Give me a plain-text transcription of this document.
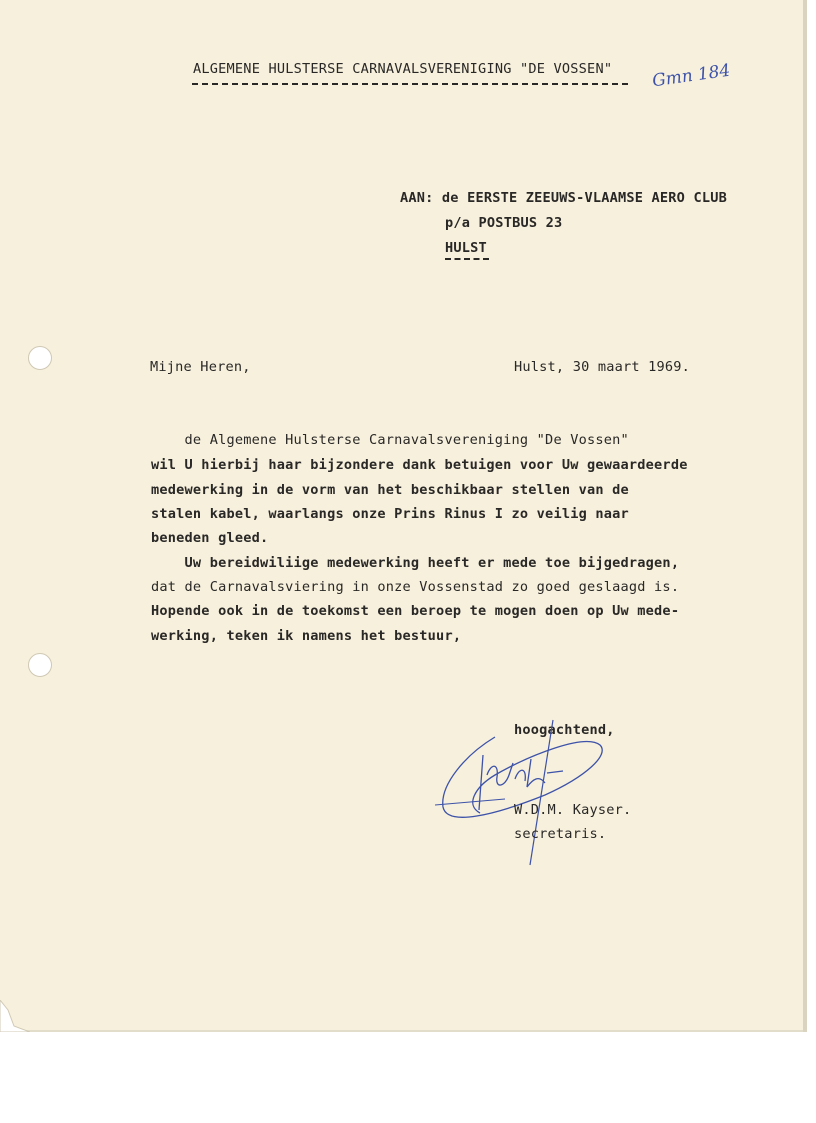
ALGEMENE HULSTERSE CARNAVALSVERENIGING "DE VOSSEN" Gmn 184
AAN: de EERSTE ZEEUWS-VLAAMSE AERO CLUB
p/a POSTBUS 23
HULST
Mijne Heren,	Hulst, 30 maart 1969.
de Algemene Hulsterse Carnavalsvereniging "De Vossen"
wil U hierbij haar bijzondere dank betuigen voor Uw gewaardeerde
medewerking in de vorm van het beschikbaar stellen van de
stalen kabel, waarlangs onze Prins Rinus I zo veilig naar
beneden gleed.
Uw bereidwiliige medewerking heeft er mede toe bijgedragen,
dat de Carnavalsviering in onze Vossenstad zo goed geslaagd is.
Hopende ook in de toekomst een beroep te mogen doen op Uw mede-
werking, teken ik namens het bestuur,
hoogachtend,
W.D.M. Kayser.
secretaris.
